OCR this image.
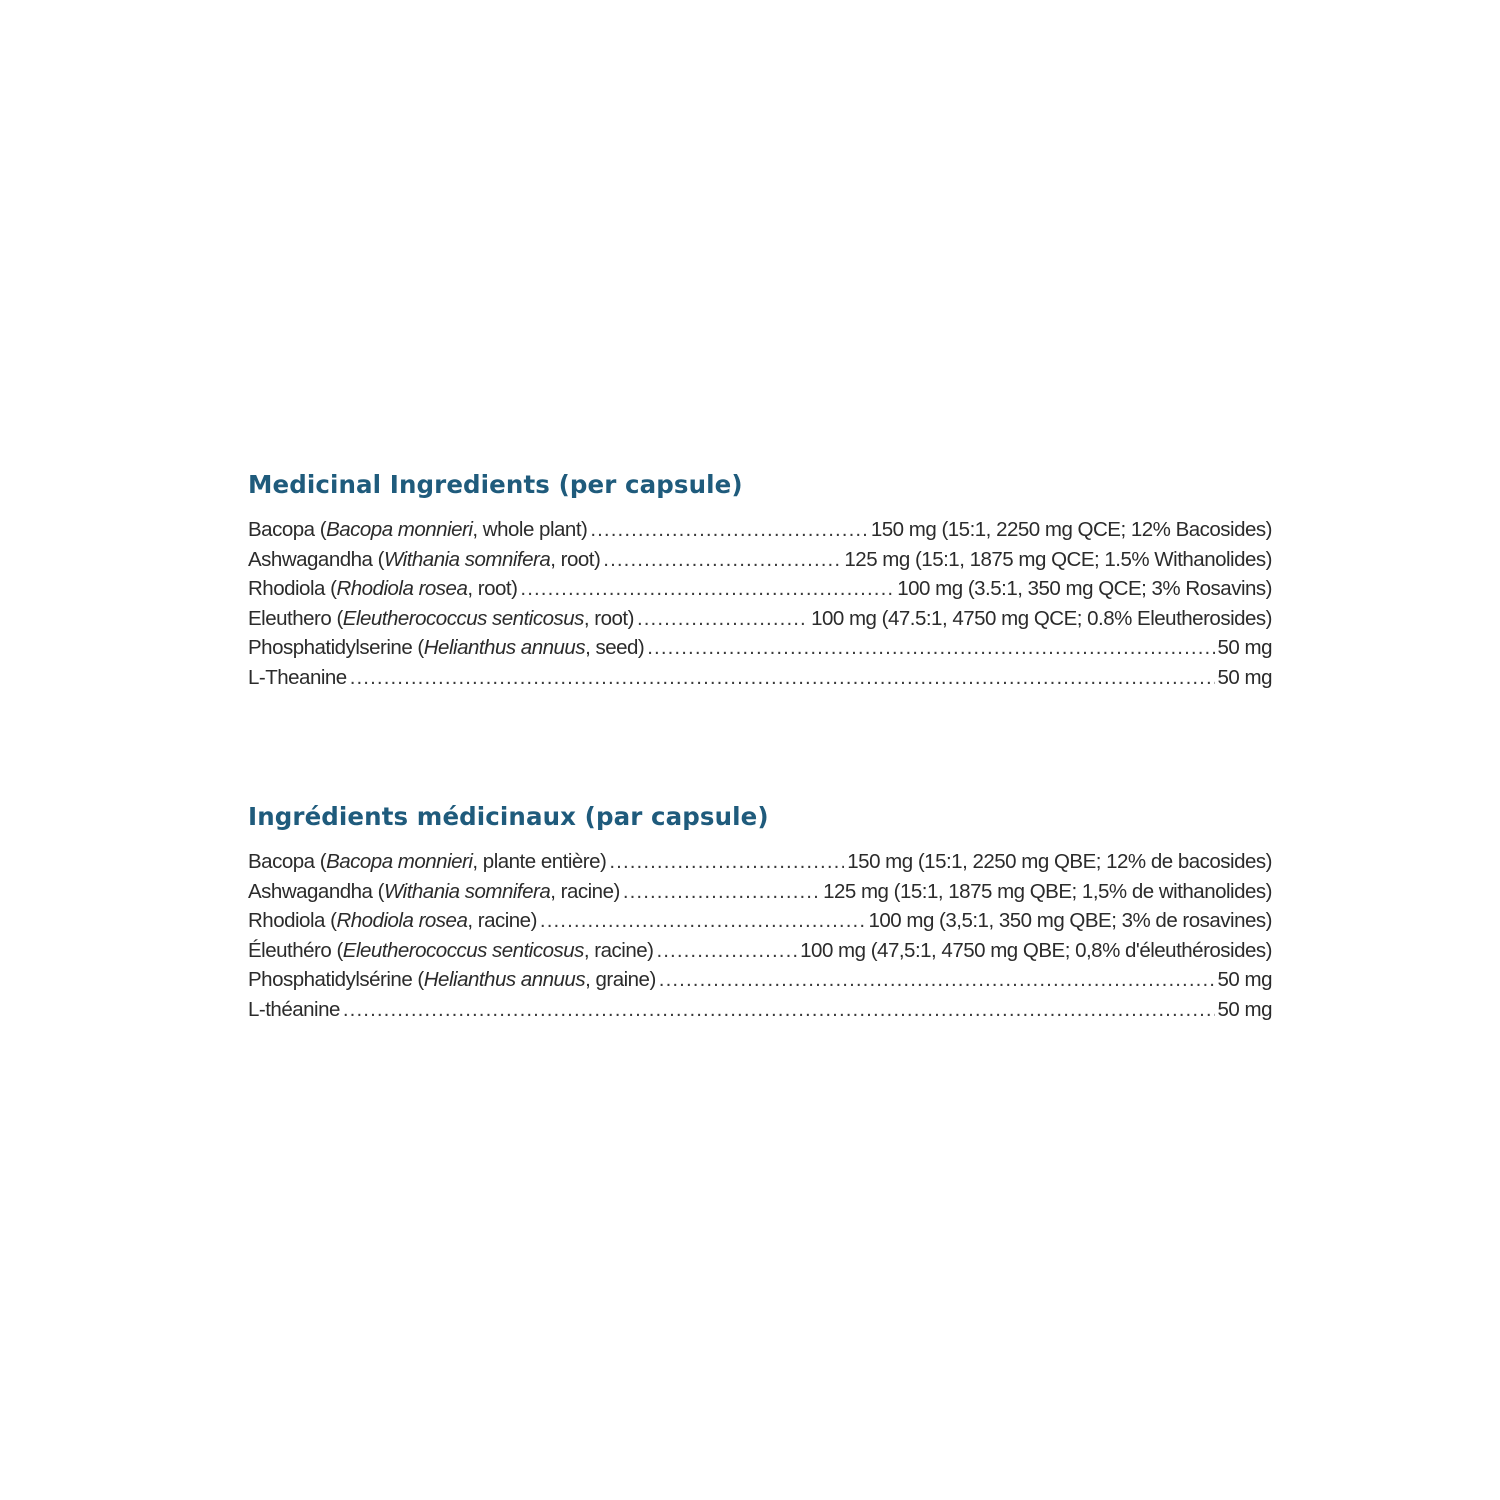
Medicinal Ingredients (per capsule)
Bacopa (Bacopa monnieri, whole plant) .....	150 mg (15:1, 2250 mg QCE; 12% Bacosides)
Ashwagandha (Withania somnifera, root) .....	125 mg (15:1, 1875 mg QCE; 1.5% Withanolides)
Rhodiola (Rhodiola rosea, root) .....	100 mg (3.5:1, 350 mg QCE; 3% Rosavins)
Eleuthero (Eleutherococcus senticosus, root) .....	100 mg (47.5:1, 4750 mg QCE; 0.8% Eleutherosides)
Phosphatidylserine (Helianthus annuus, seed) .....	50 mg
L-Theanine .....	50 mg
Ingrédients médicinaux (par capsule)
Bacopa (Bacopa monnieri, plante entière) .....	150 mg (15:1, 2250 mg QBE; 12% de bacosides)
Ashwagandha (Withania somnifera, racine) .....	125 mg (15:1, 1875 mg QBE; 1,5% de withanolides)
Rhodiola (Rhodiola rosea, racine) .....	100 mg (3,5:1, 350 mg QBE; 3% de rosavines)
Éleuthéro (Eleutherococcus senticosus, racine) .....	100 mg (47,5:1, 4750 mg QBE; 0,8% d'éleuthérosides)
Phosphatidylsérine (Helianthus annuus, graine) .....	50 mg
L-théanine .....	50 mg
